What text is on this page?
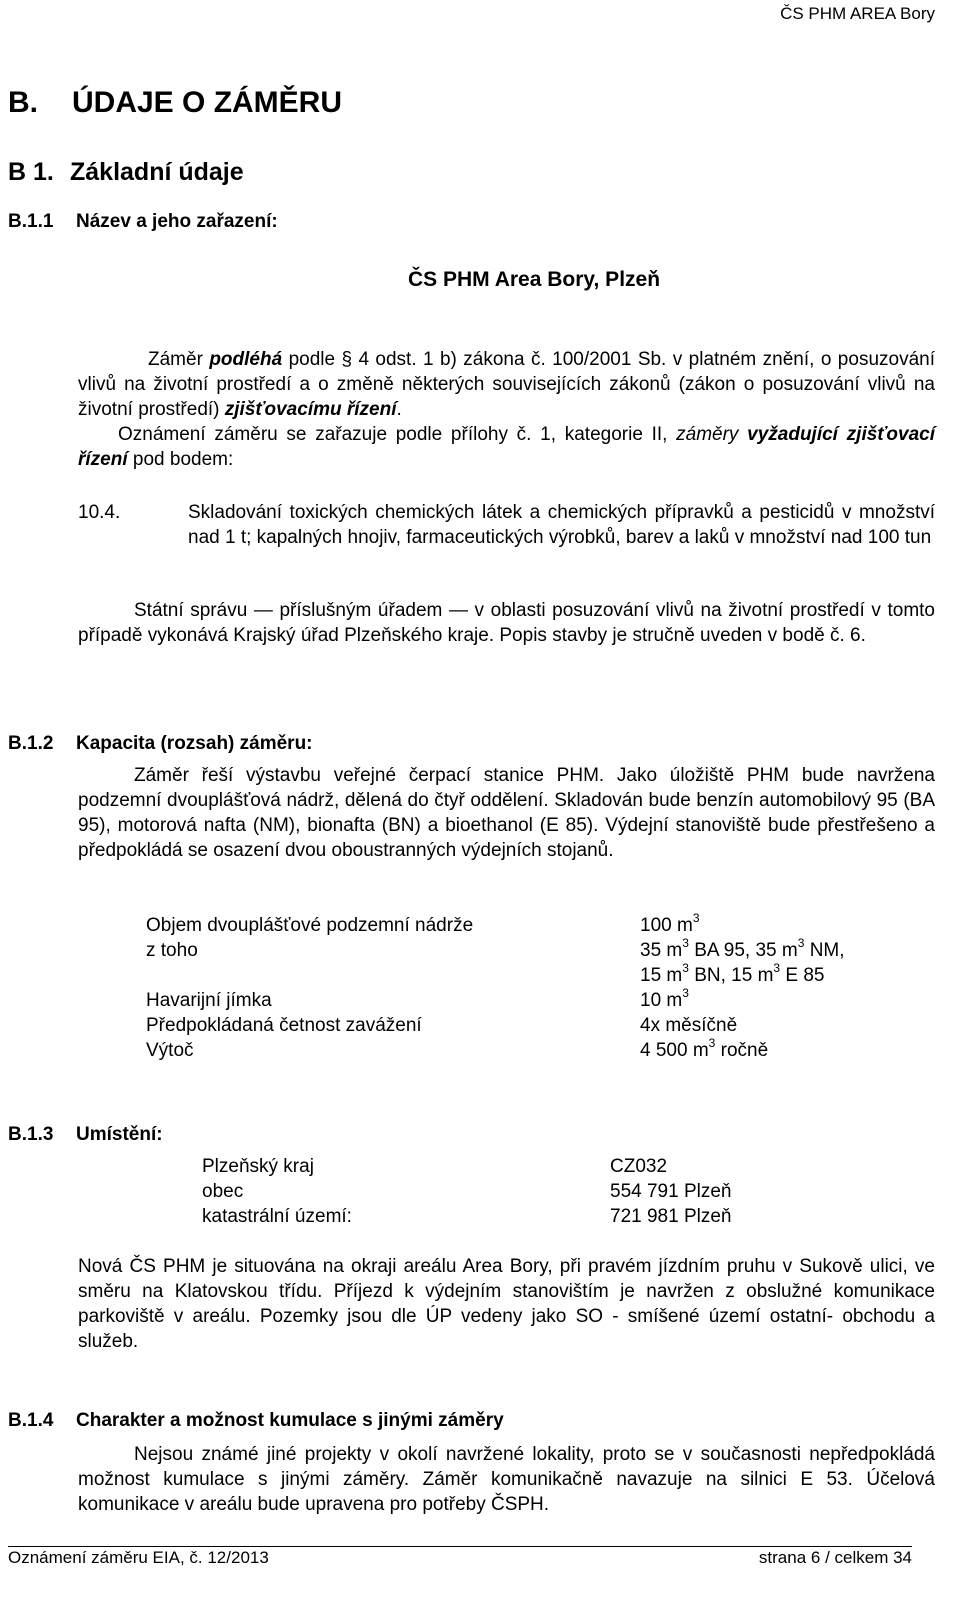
ČS PHM AREA Bory
B. ÚDAJE O ZÁMĚRU
B 1. Základní údaje
B.1.1 Název a jeho zařazení:
ČS PHM Area Bory, Plzeň
Záměr podléhá podle § 4 odst. 1 b) zákona č. 100/2001 Sb. v platném znění, o posuzování vlivů na životní prostředí a o změně některých souvisejících zákonů (zákon o posuzování vlivů na životní prostředí) zjišťovacímu řízení.
Oznámení záměru se zařazuje podle přílohy č. 1, kategorie II, záměry vyžadující zjišťovací řízení pod bodem:
10.4.	Skladování toxických chemických látek a chemických přípravků a pesticidů v množství nad 1 t; kapalných hnojiv, farmaceutických výrobků, barev a laků v množství nad 100 tun
Státní správu — příslušným úřadem — v oblasti posuzování vlivů na životní prostředí v tomto případě vykonává Krajský úřad Plzeňského kraje. Popis stavby je stručně uveden v bodě č. 6.
B.1.2 Kapacita (rozsah) záměru:
Záměr řeší výstavbu veřejné čerpací stanice PHM. Jako úložiště PHM bude navržena podzemní dvouplášťová nádrž, dělená do čtyř oddělení. Skladován bude benzín automobilový 95 (BA 95), motorová nafta (NM), bionafta (BN) a bioethanol (E 85). Výdejní stanoviště bude přestřešeno a předpokládá se osazení dvou oboustranných výdejních stojanů.
Objem dvouplášťové podzemní nádrže	100 $m^3$
z toho	35 $m^3$ BA 95, 35 $m^3$ NM,
15 $m^3$ BN, 15 $m^3$ E 85
Havarijní jímka	10 $m^3$
Předpokládaná četnost zavážení	4x měsíčně
Výtoč	4 500 $m^3$ ročně
B.1.3 Umístění:
Plzeňský kraj	CZ032
obec	554 791 Plzeň
katastrální území:	721 981 Plzeň
Nová ČS PHM je situována na okraji areálu Area Bory, při pravém jízdním pruhu v Sukově ulici, ve směru na Klatovskou třídu. Příjezd k výdejním stanovištím je navržen z obslužné komunikace parkoviště v areálu. Pozemky jsou dle ÚP vedeny jako SO - smíšené území ostatní- obchodu a služeb.
B.1.4 Charakter a možnost kumulace s jinými záměry
Nejsou známé jiné projekty v okolí navržené lokality, proto se v současnosti nepředpokládá možnost kumulace s jinými záměry. Záměr komunikačně navazuje na silnici E 53. Účelová komunikace v areálu bude upravena pro potřeby ČSPH.
Oznámení záměru EIA, č. 12/2013	strana 6 / celkem 34
